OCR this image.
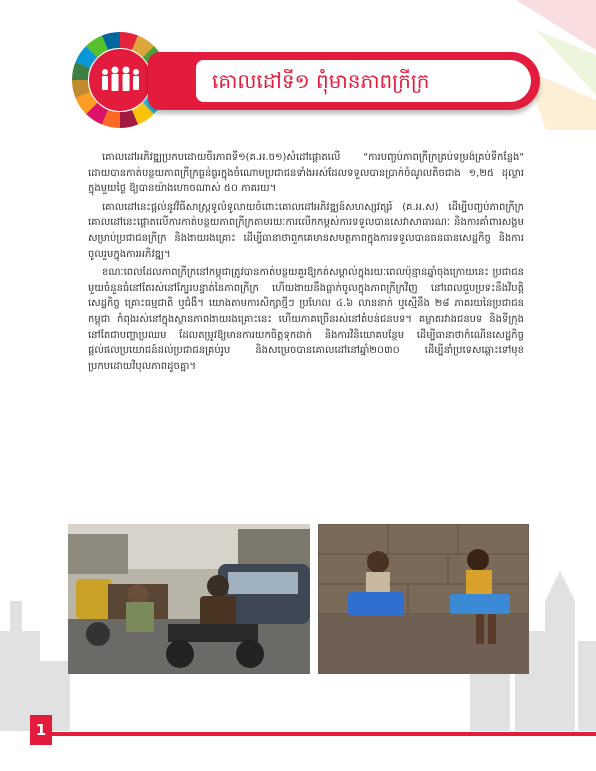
គោលដៅទី១ ពុំមានភាពក្រីក្រ

គោលដៅអភិវឌ្ឍប្រកបដោយចីរភាពទី១(គ.អ.ច១)សំដៅផ្តោតលើ "ការបញ្ចប់ភាពក្រីក្រគ្រប់ទម្រង់គ្រប់ទីកន្លែង" ដោយបានកាត់បន្ថយភាពក្រីក្រធ្ងន់ធ្ងរក្នុងចំណោមប្រជាជនទាំងអស់ដែលទទួលបានប្រាក់ចំណូលតិចជាង ១,២៥ ដុល្លារក្នុងមួយថ្ងៃ ឱ្យបានយ៉ាងហោចណាស់ ៥០ ភាគរយ។

គោលដៅនេះផ្តល់នូវវិធីសាស្ត្រទូលំទូលាយចំពោះគោលដៅអភិវឌ្ឍន៍សហស្សវត្សរ៍ (គ.អ.ស) ដើម្បីបញ្ចប់ភាពក្រីក្រ គោលដៅនេះផ្តោតលើការកាត់បន្ថយភាពក្រីក្រតាមរយៈការលើកកម្ពស់ការទទួលបានសេវាសាធារណៈ និងការគាំពារសង្គមសម្រាប់ប្រជាជនក្រីក្រ និងងាយរងគ្រោះ ដើម្បីធានាថាពួកគេមានសមត្ថភាពក្នុងការទទួលបានធនធានសេដ្ឋកិច្ច និងការចូលរួមក្នុងការអភិវឌ្ឍ។

ខណៈពេលដែលភាពក្រីក្រនៅកម្ពុជាត្រូវបានកាត់បន្ថយគួរឱ្យកត់សម្គាល់ក្នុងរយៈពេលប៉ុន្មានឆ្នាំចុងក្រោយនេះ ប្រជាជនមួយចំនួនធំនៅតែរស់នៅក្បែរបន្ទាត់នៃភាពក្រីក្រ ហើយងាយនឹងធ្លាក់ចូលក្នុងភាពក្រីក្រវិញ នៅពេលជួបប្រទះនឹងវិបត្តិសេដ្ឋកិច្ច គ្រោះធម្មជាតិ ឬជំងឺ។ យោងតាមការសិក្សាថ្មីៗ ប្រហែល ៤.៦ លាននាក់ ឬស្មើនឹង ២៨ ភាគរយនៃប្រជាជនកម្ពុជា កំពុងរស់នៅក្នុងស្ថានភាពងាយរងគ្រោះនេះ ហើយភាគច្រើនរស់នៅតំបន់ជនបទ។ គម្លាតរវាងជនបទ និងទីក្រុងនៅតែជាបញ្ហាប្រឈម ដែលតម្រូវឱ្យមានការយកចិត្តទុកដាក់ និងការវិនិយោគបន្ថែម ដើម្បីធានាថាកំណើនសេដ្ឋកិច្ចផ្តល់ផលប្រយោជន៍ដល់ប្រជាជនគ្រប់រូប និងសម្រេចបានគោលដៅនៅឆ្នាំ២០៣០ ដើម្បីនាំប្រទេសឆ្ពោះទៅមុខប្រកបដោយវិបុលភាពដូចគ្នា។

1
